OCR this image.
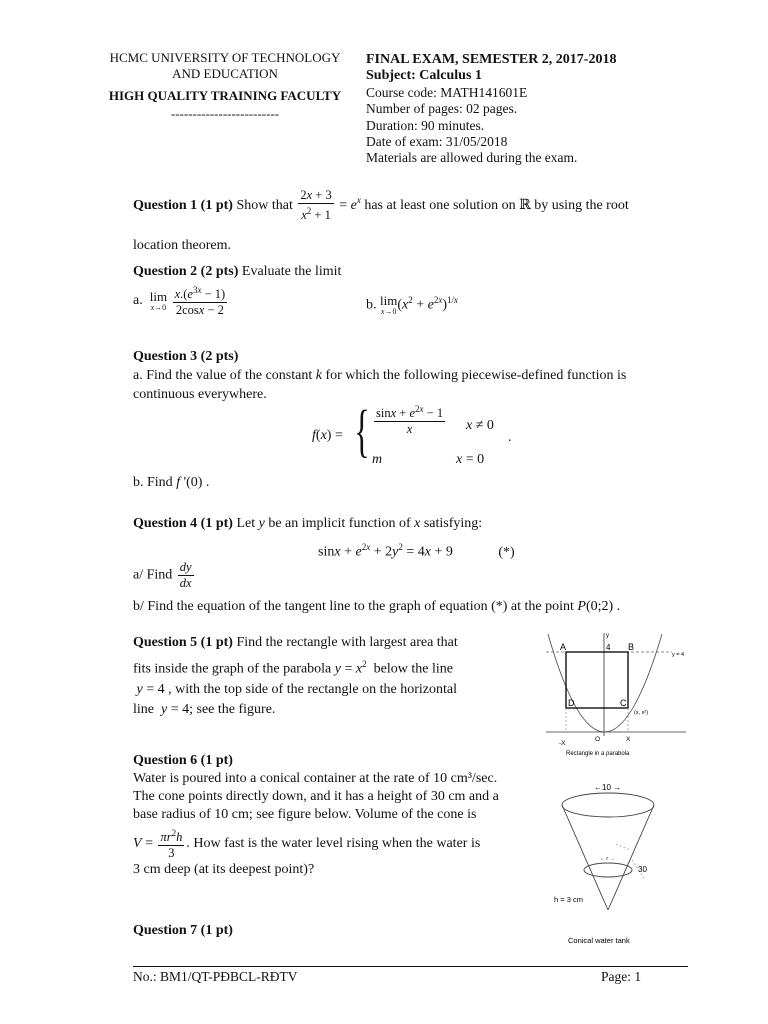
HCMC UNIVERSITY OF TECHNOLOGY
AND EDUCATION
HIGH QUALITY TRAINING FACULTY
-------------------------
FINAL EXAM, SEMESTER 2, 2017-2018
Subject: Calculus 1
Course code: MATH141601E
Number of pages: 02 pages.
Duration: 90 minutes.
Date of exam: 31/05/2018
Materials are allowed during the exam.
Question 1 (1 pt) Show that $\frac{2x + 3}{x^2 + 1} = e^x$ has at least one solution on ℝ by using the root
location theorem.
Question 2 (2 pts) Evaluate the limit
a. lim
x→0
$\frac{x.(e^{3x} - 1)}{2\cos x - 2}$	b. lim
x→0 $(x^2 + e^{2x})^{1/x}$
Question 3 (2 pts)
a. Find the value of the constant k for which the following piecewise-defined function is
continuous everywhere.
f(x) = { $\frac{\sin x + e^{2x} - 1}{x}$ x ≠ 0
m	x = 0
.
b. Find f '(0) .
Question 4 (1 pt) Let y be an implicit function of x satisfying:
$\sin x + e^{2x} + 2y^2 = 4x + 9$	(*)
a/ Find $\frac{dy}{dx}$
b/ Find the equation of the tangent line to the graph of equation (*) at the point P(0;2) .
Question 5 (1 pt) Find the rectangle with largest area that
fits inside the graph of the parabola $y = x^2$ below the line
y = 4 , with the top side of the rectangle on the horizontal
line y = 4; see the figure.
y
A	4 B
y = 4
D	C
(x, x²)
O	X
-X
Rectangle in a parabola
Question 6 (1 pt)
Water is poured into a conical container at the rate of 10 cm³/sec.
The cone points directly down, and it has a height of 30 cm and a
base radius of 10 cm; see figure below. Volume of the cone is
$V = \frac{\pi r^2h}{3}$ . How fast is the water level rising when the water is
3 cm deep (at its deepest point)?
←10 →
30
← r →
h = 3 cm
Conical water tank
Question 7 (1 pt)
No.: BM1/QT-PĐBCL-RĐTV	Page: 1
